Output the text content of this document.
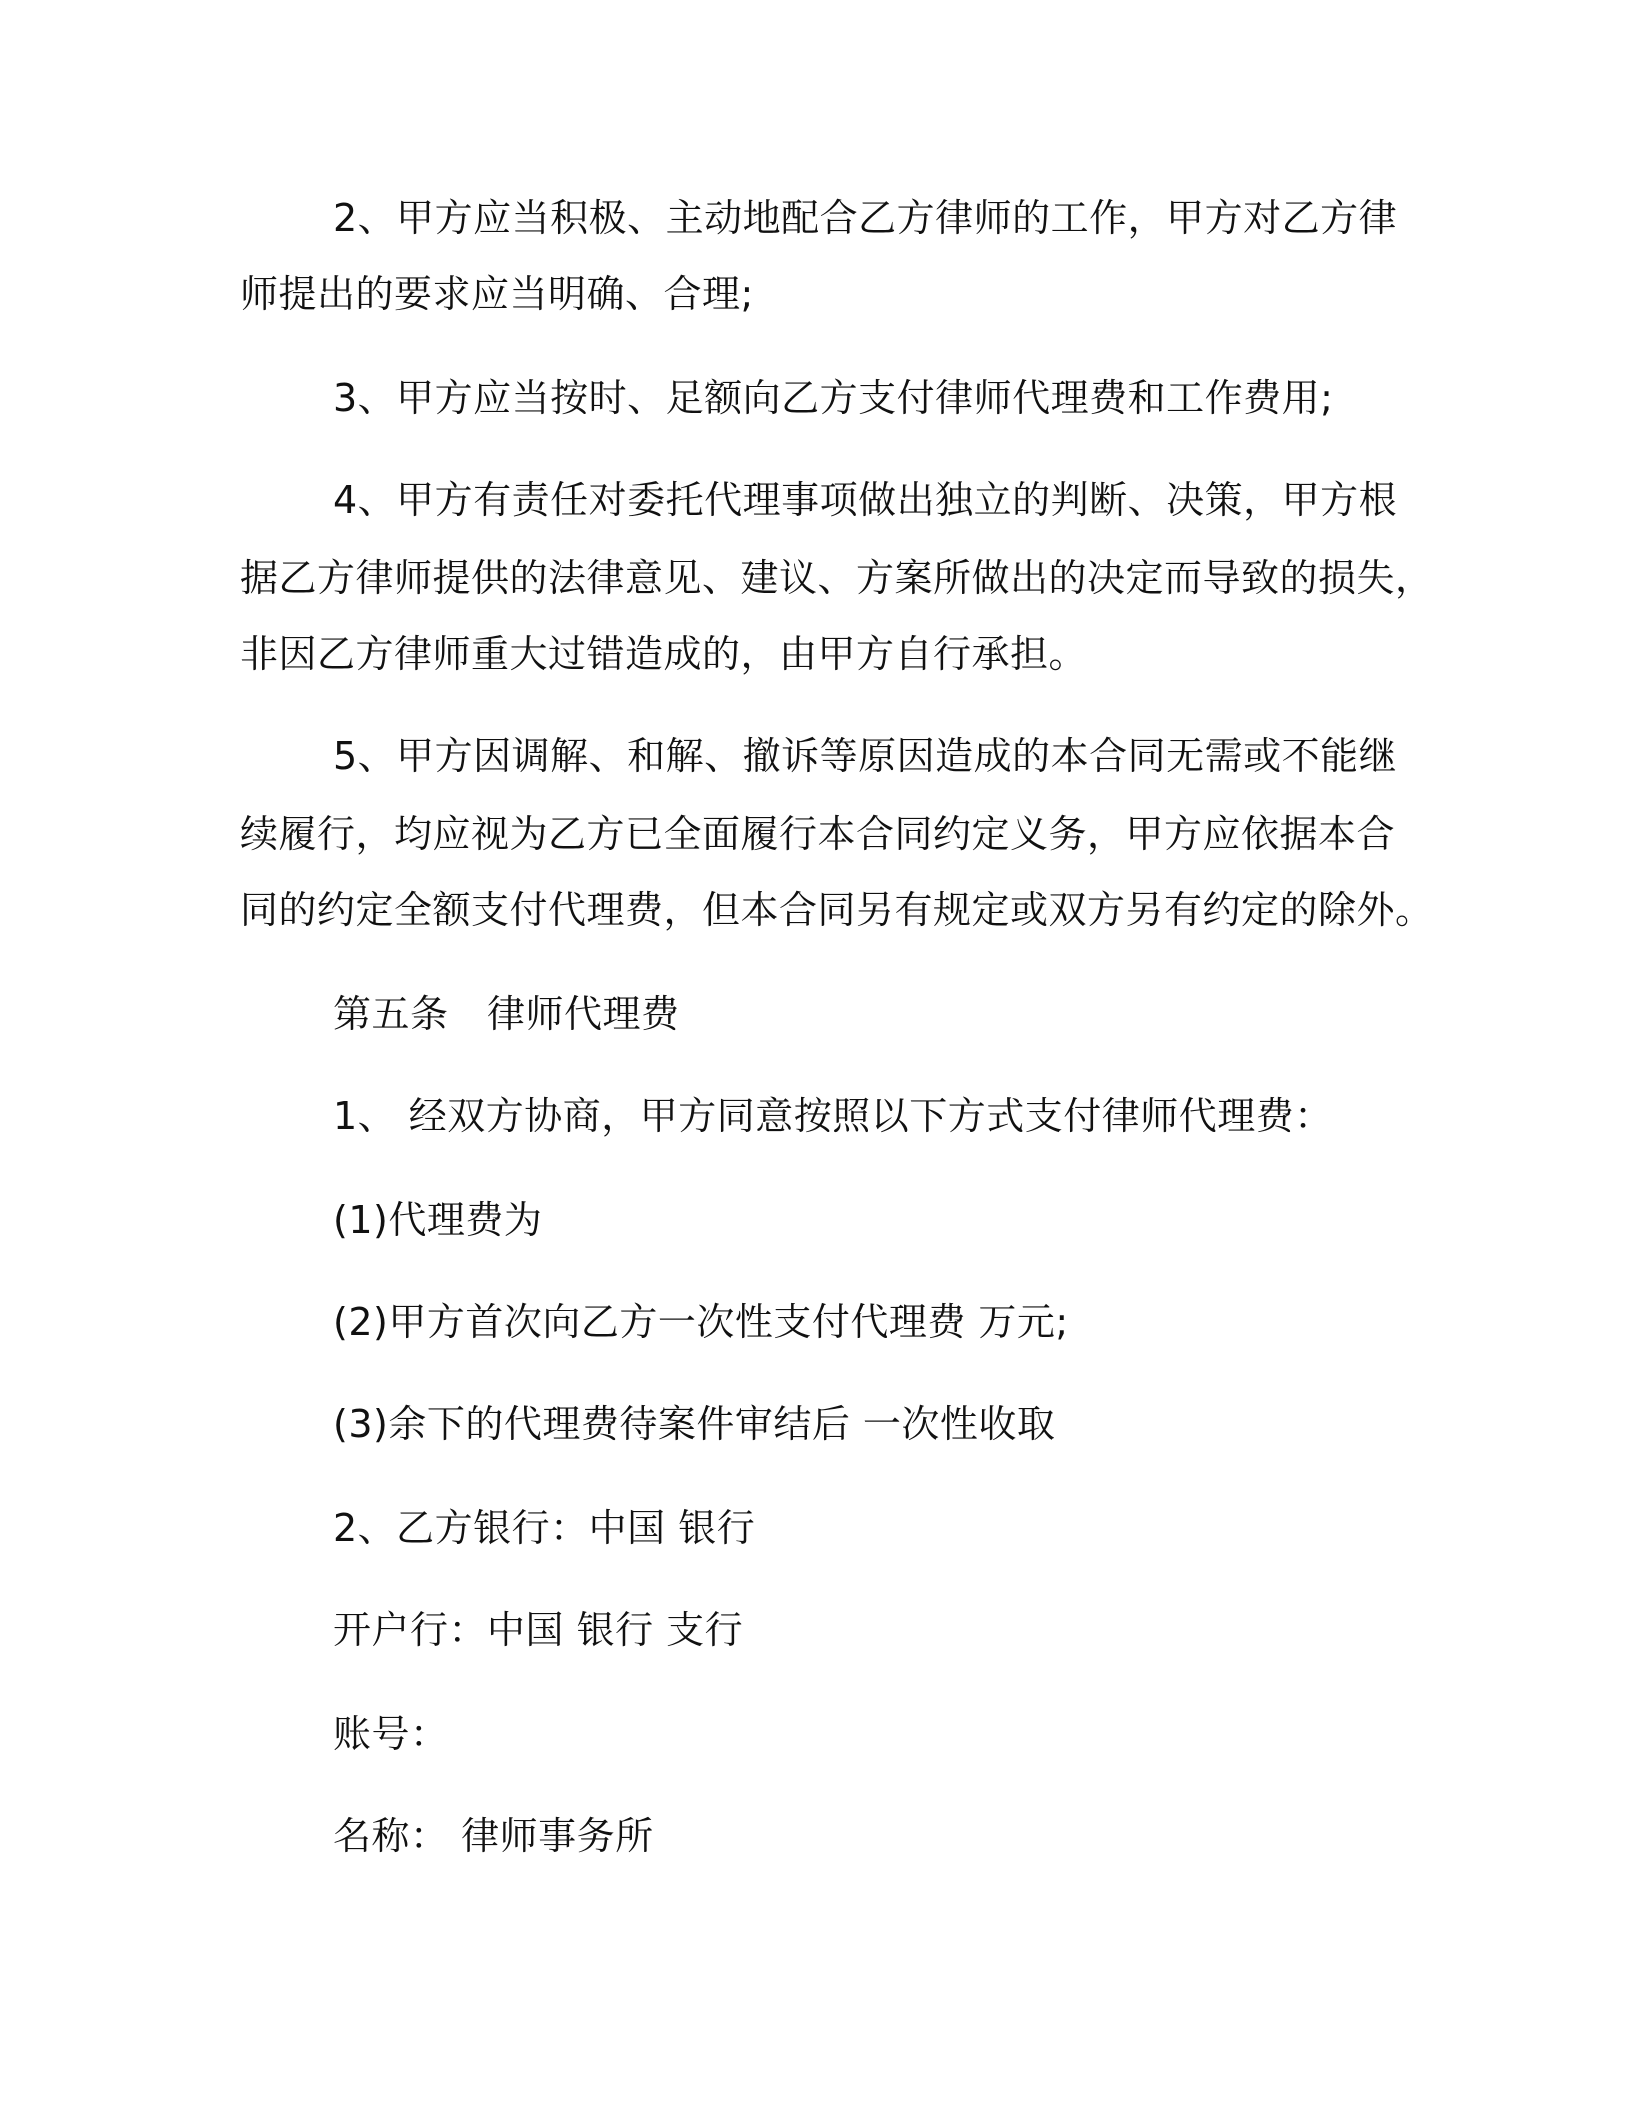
2、甲方应当积极、主动地配合乙方律师的工作，甲方对乙方律
师提出的要求应当明确、合理;
3、甲方应当按时、足额向乙方支付律师代理费和工作费用;
4、甲方有责任对委托代理事项做出独立的判断、决策，甲方根
据乙方律师提供的法律意见、建议、方案所做出的决定而导致的损失，
非因乙方律师重大过错造成的，由甲方自行承担。
5、甲方因调解、和解、撤诉等原因造成的本合同无需或不能继
续履行，均应视为乙方已全面履行本合同约定义务，甲方应依据本合
同的约定全额支付代理费，但本合同另有规定或双方另有约定的除外。
第五条　律师代理费
1、 经双方协商，甲方同意按照以下方式支付律师代理费：
(1)代理费为
(2)甲方首次向乙方一次性支付代理费 万元;
(3)余下的代理费待案件审结后 一次性收取
2、乙方银行：中国 银行
开户行：中国 银行 支行
账号：
名称： 律师事务所
